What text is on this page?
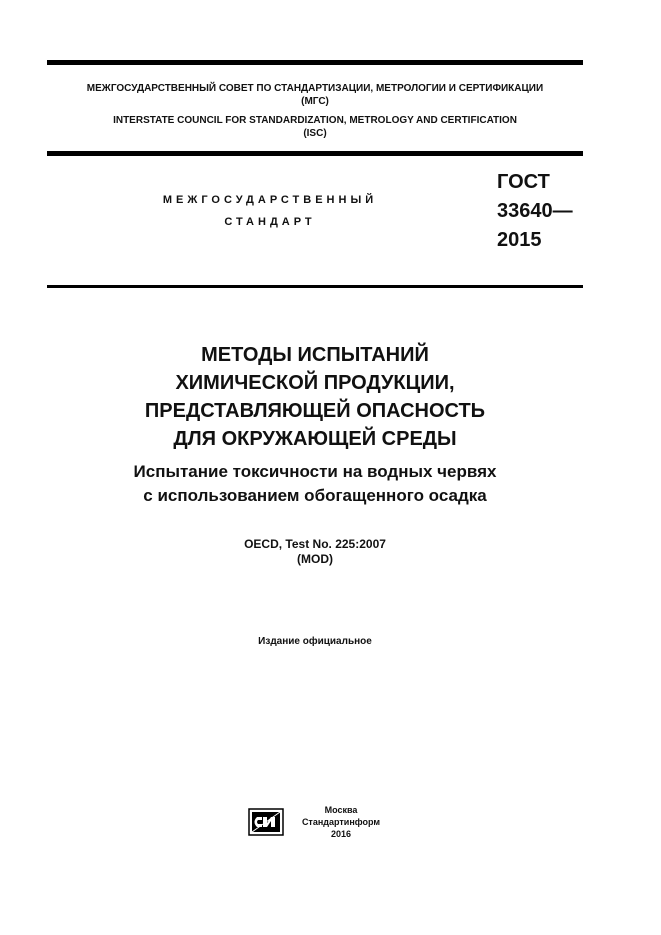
МЕЖГОСУДАРСТВЕННЫЙ СОВЕТ ПО СТАНДАРТИЗАЦИИ, МЕТРОЛОГИИ И СЕРТИФИКАЦИИ
(МГС)
INTERSTATE COUNCIL FOR STANDARDIZATION, METROLOGY AND CERTIFICATION
(ISC)
МЕЖГОСУДАРСТВЕННЫЙ
СТАНДАРТ
ГОСТ
33640—
2015
МЕТОДЫ ИСПЫТАНИЙ
ХИМИЧЕСКОЙ ПРОДУКЦИИ,
ПРЕДСТАВЛЯЮЩЕЙ ОПАСНОСТЬ
ДЛЯ ОКРУЖАЮЩЕЙ СРЕДЫ
Испытание токсичности на водных червях
с использованием обогащенного осадка
OECD, Test No. 225:2007
(MOD)
Издание официальное
Москва
Стандартинформ
2016
